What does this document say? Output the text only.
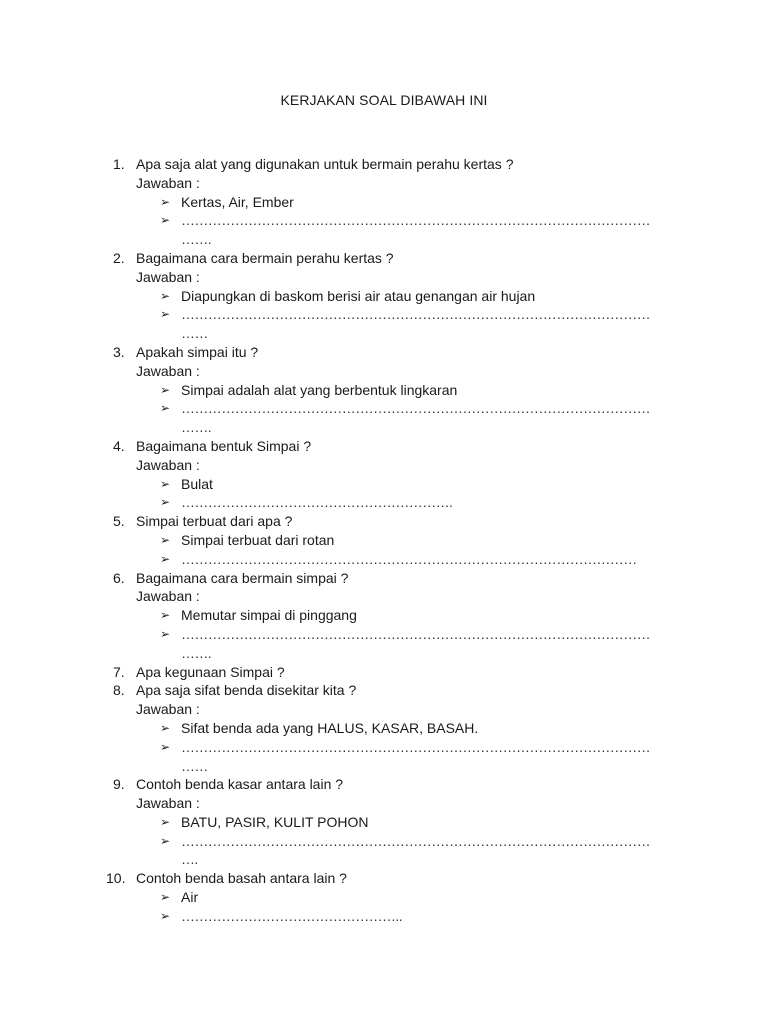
KERJAKAN SOAL DIBAWAH INI
1. Apa saja alat yang digunakan untuk bermain perahu kertas ?
Jawaban :
➢ Kertas, Air, Ember
➢ ……………………………………………………………………………………………
…….
2. Bagaimana cara bermain perahu kertas ?
Jawaban :
➢ Diapungkan di baskom berisi air atau genangan air hujan
➢ ……………………………………………………………………………………………
……
3. Apakah simpai itu ?
Jawaban :
➢ Simpai adalah alat yang berbentuk lingkaran
➢ ……………………………………………………………………………………………
…….
4. Bagaimana bentuk Simpai ?
Jawaban :
➢ Bulat
➢ …………………………………………………….
5. Simpai terbuat dari apa ?
➢ Simpai terbuat dari rotan
➢ …………………………………………………………………………………………
6. Bagaimana cara bermain simpai ?
Jawaban :
➢ Memutar simpai di pinggang
➢ ……………………………………………………………………………………………
…….
7. Apa kegunaan Simpai ?
8. Apa saja sifat benda disekitar kita ?
Jawaban :
➢ Sifat benda ada yang HALUS, KASAR, BASAH.
➢ ……………………………………………………………………………………………
……
9. Contoh benda kasar antara lain ?
Jawaban :
➢ BATU, PASIR, KULIT POHON
➢ ……………………………………………………………………………………………
….
10. Contoh benda basah antara lain ?
➢ Air
➢ …………………………………………..
